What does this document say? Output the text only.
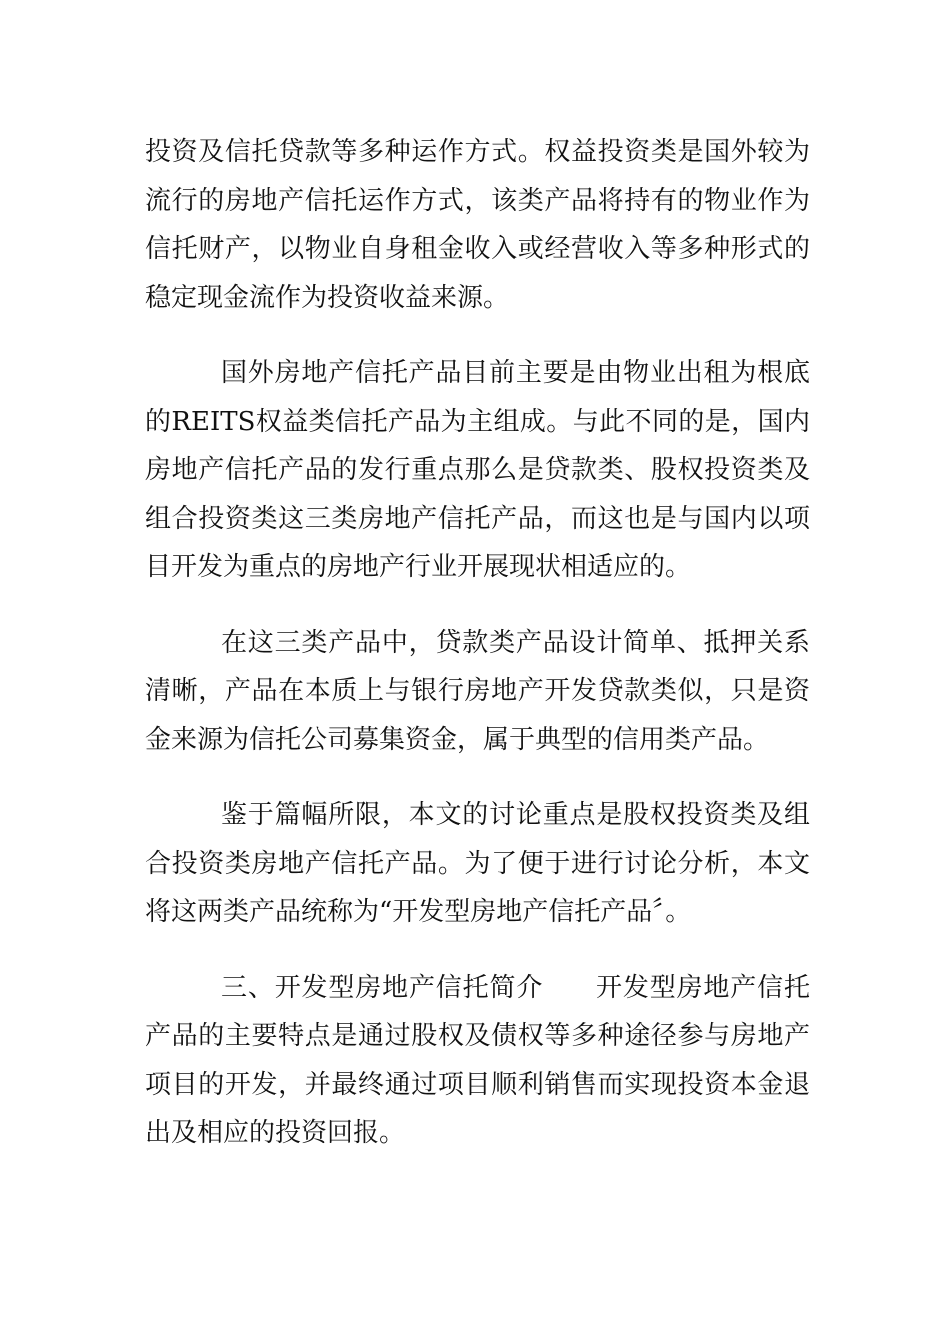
投资及信托贷款等多种运作方式。权益投资类是国外较为流行的房地产信托运作方式，该类产品将持有的物业作为信托财产，以物业自身租金收入或经营收入等多种形式的稳定现金流作为投资收益来源。

国外房地产信托产品目前主要是由物业出租为根底的REITS权益类信托产品为主组成。与此不同的是，国内房地产信托产品的发行重点那么是贷款类、股权投资类及组合投资类这三类房地产信托产品，而这也是与国内以项目开发为重点的房地产行业开展现状相适应的。

在这三类产品中，贷款类产品设计简单、抵押关系清晰，产品在本质上与银行房地产开发贷款类似，只是资金来源为信托公司募集资金，属于典型的信用类产品。

鉴于篇幅所限，本文的讨论重点是股权投资类及组合投资类房地产信托产品。为了便于进行讨论分析，本文将这两类产品统称为“开发型房地产信托产品〞。

三、开发型房地产信托简介 开发型房地产信托产品的主要特点是通过股权及债权等多种途径参与房地产项目的开发，并最终通过项目顺利销售而实现投资本金退出及相应的投资回报。
